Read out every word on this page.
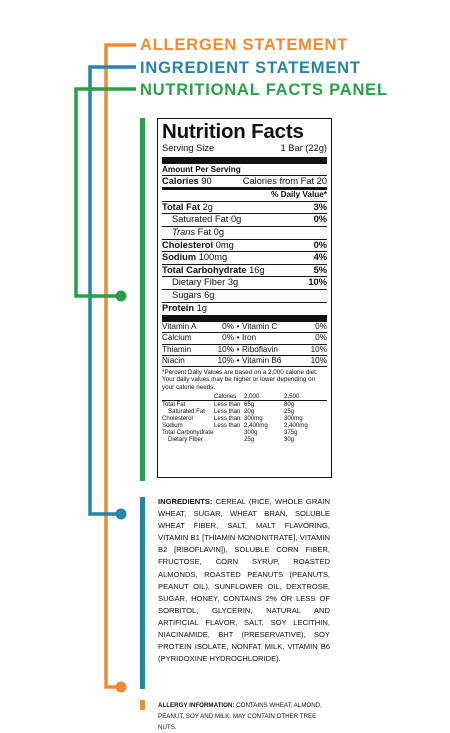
ALLERGEN STATEMENT
INGREDIENT STATEMENT
NUTRITIONAL FACTS PANEL
Nutrition Facts
Serving Size	1 Bar (22g)
Amount Per Serving
Calories 90	Calories from Fat 20
% Daily Value*
Total Fat 2g	3%
Saturated Fat 0g	0%
Trans Fat 0g
Cholesterol 0mg	0%
Sodium 100mg	4%
Total Carbohydrate 16g	5%
Dietary Fiber 3g	10%
Sugars 6g
Protein 1g
Vitamin A	0% • Vitamin C	0%
Calcium	0% • Iron	0%
Thiamin	10% • Riboflavin	10%
Niacin	10% • Vitamin B6	10%
*Percent Daily Values are based on a 2,000 calorie diet. Your daily values may be higher or lower depending on your calorie needs.
Calories	2,000	2,500
Total Fat	Less than 65g	80g
Saturated Fat	Less than 20g	25g
Cholesterol	Less than 300mg	300mg
Sodium	Less than 2,400mg	2,400mg
Total Carbohydrate	300g	375g
Dietary Fiber	25g	30g
INGREDIENTS: CEREAL (RICE, WHOLE GRAIN WHEAT, SUGAR, WHEAT BRAN, SOLUBLE WHEAT FIBER, SALT, MALT FLAVORING, VITAMIN B1 [THIAMIN MONONITRATE], VITAMIN B2 [RIBOFLAVIN]), SOLUBLE CORN FIBER, FRUCTOSE, CORN SYRUP, ROASTED ALMONDS, ROASTED PEANUTS (PEANUTS, PEANUT OIL), SUNFLOWER OIL, DEXTROSE, SUGAR, HONEY, CONTAINS 2% OR LESS OF SORBITOL, GLYCERIN, NATURAL AND ARTIFICIAL FLAVOR, SALT, SOY LECITHIN, NIACINAMIDE, BHT (PRESERVATIVE), SOY PROTEIN ISOLATE, NONFAT MILK, VITAMIN B6 (PYRIDOXINE HYDROCHLORIDE).
ALLERGY INFORMATION: CONTAINS WHEAT, ALMOND, PEANUT, SOY AND MILK. MAY CONTAIN OTHER TREE NUTS.
